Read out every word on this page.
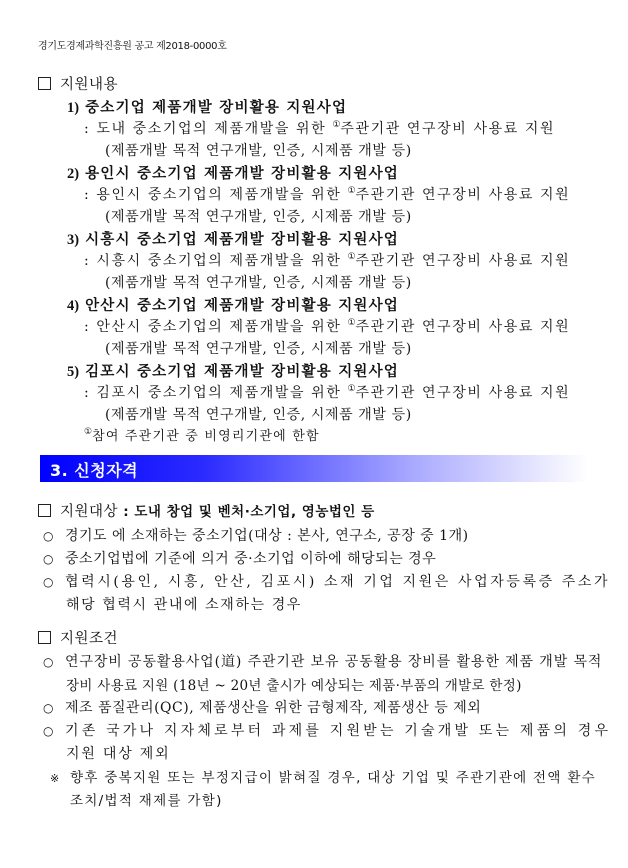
경기도경제과학진흥원 공고 제2018-0000호
지원내용
1) 중소기업 제품개발 장비활용 지원사업
: 도내 중소기업의 제품개발을 위한 ①주관기관 연구장비 사용료 지원
(제품개발 목적 연구개발, 인증, 시제품 개발 등)
2) 용인시 중소기업 제품개발 장비활용 지원사업
: 용인시 중소기업의 제품개발을 위한 ①주관기관 연구장비 사용료 지원
(제품개발 목적 연구개발, 인증, 시제품 개발 등)
3) 시흥시 중소기업 제품개발 장비활용 지원사업
: 시흥시 중소기업의 제품개발을 위한 ①주관기관 연구장비 사용료 지원
(제품개발 목적 연구개발, 인증, 시제품 개발 등)
4) 안산시 중소기업 제품개발 장비활용 지원사업
: 안산시 중소기업의 제품개발을 위한 ①주관기관 연구장비 사용료 지원
(제품개발 목적 연구개발, 인증, 시제품 개발 등)
5) 김포시 중소기업 제품개발 장비활용 지원사업
: 김포시 중소기업의 제품개발을 위한 ①주관기관 연구장비 사용료 지원
(제품개발 목적 연구개발, 인증, 시제품 개발 등)
①참여 주관기관 중 비영리기관에 한함
3. 신청자격
지원대상 : 도내 창업 및 벤처·소기업, 영농법인 등
○ 경기도 에 소재하는 중소기업(대상 : 본사, 연구소, 공장 중 1개)
○ 중소기업법에 기준에 의거 중·소기업 이하에 해당되는 경우
○ 협력시(용인, 시흥, 안산, 김포시) 소재 기업 지원은 사업자등록증 주소가
해당 협력시 관내에 소재하는 경우
지원조건
○ 연구장비 공동활용사업(道) 주관기관 보유 공동활용 장비를 활용한 제품 개발 목적
장비 사용료 지원 (18년 ~ 20년 출시가 예상되는 제품·부품의 개발로 한정)
○ 제조 품질관리(QC), 제품생산을 위한 금형제작, 제품생산 등 제외
○ 기존 국가나 지자체로부터 과제를 지원받는 기술개발 또는 제품의 경우
지원 대상 제외
※ 향후 중복지원 또는 부정지급이 밝혀질 경우, 대상 기업 및 주관기관에 전액 환수
조치/법적 재제를 가함)
